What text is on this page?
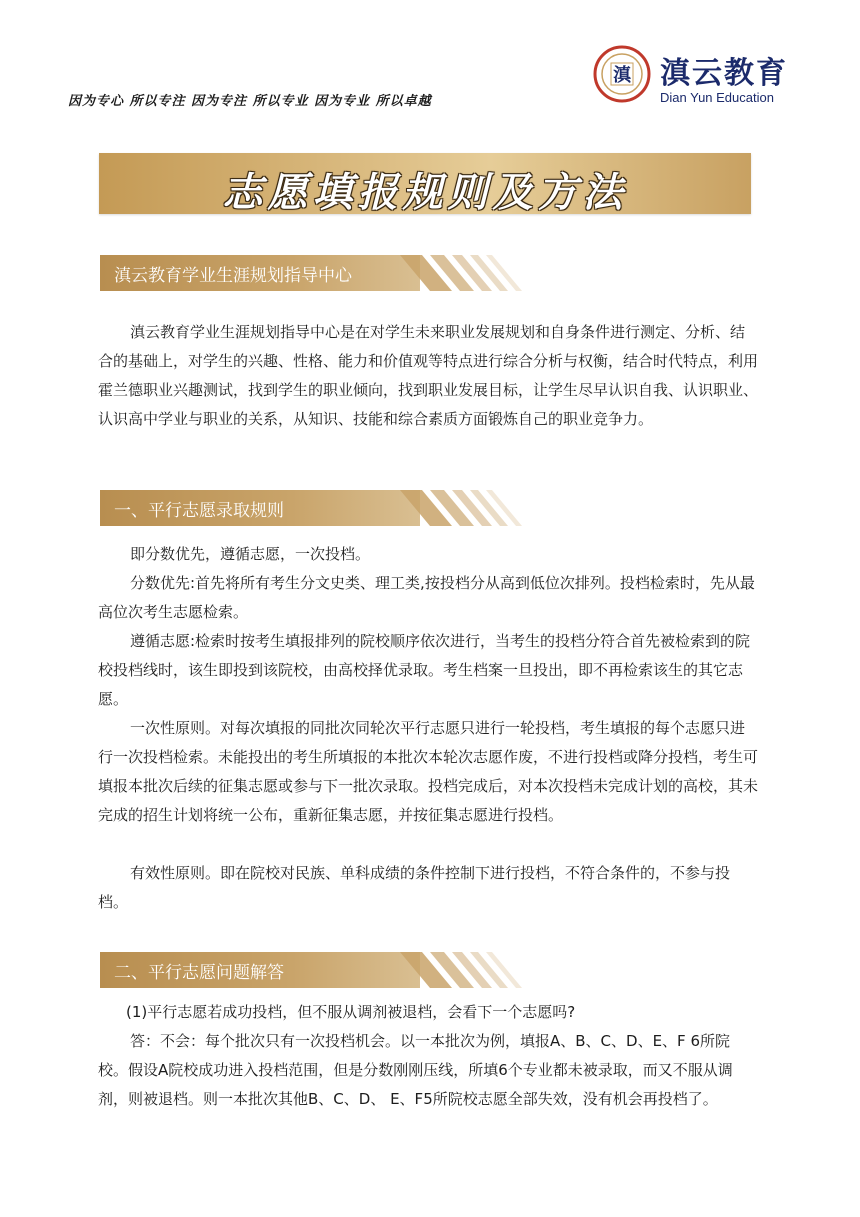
因为专心 所以专注 因为专注 所以专业 因为专业 所以卓越
滇 滇云教育
Dian Yun Education
志愿填报规则及方法
滇云教育学业生涯规划指导中心
滇云教育学业生涯规划指导中心是在对学生未来职业发展规划和自身条件进行测定、分析、结合的基础上，对学生的兴趣、性格、能力和价值观等特点进行综合分析与权衡，结合时代特点，利用霍兰德职业兴趣测试，找到学生的职业倾向，找到职业发展目标，让学生尽早认识自我、认识职业、认识高中学业与职业的关系，从知识、技能和综合素质方面锻炼自己的职业竞争力。
一、平行志愿录取规则
即分数优先，遵循志愿，一次投档。
分数优先:首先将所有考生分文史类、理工类,按投档分从高到低位次排列。投档检索时，先从最高位次考生志愿检索。
遵循志愿:检索时按考生填报排列的院校顺序依次进行，当考生的投档分符合首先被检索到的院校投档线时，该生即投到该院校，由高校择优录取。考生档案一旦投出，即不再检索该生的其它志愿。
一次性原则。对每次填报的同批次同轮次平行志愿只进行一轮投档，考生填报的每个志愿只进行一次投档检索。未能投出的考生所填报的本批次本轮次志愿作废，不进行投档或降分投档，考生可填报本批次后续的征集志愿或参与下一批次录取。投档完成后，对本次投档未完成计划的高校，其未完成的招生计划将统一公布，重新征集志愿，并按征集志愿进行投档。
有效性原则。即在院校对民族、单科成绩的条件控制下进行投档，不符合条件的，不参与投档。
二、平行志愿问题解答
(1)平行志愿若成功投档，但不服从调剂被退档，会看下一个志愿吗?
答：不会：每个批次只有一次投档机会。以一本批次为例，填报A、B、C、D、E、F 6所院校。假设A院校成功进入投档范围，但是分数刚刚压线，所填6个专业都未被录取，而又不服从调剂，则被退档。则一本批次其他B、C、D、 E、F5所院校志愿全部失效，没有机会再投档了。
